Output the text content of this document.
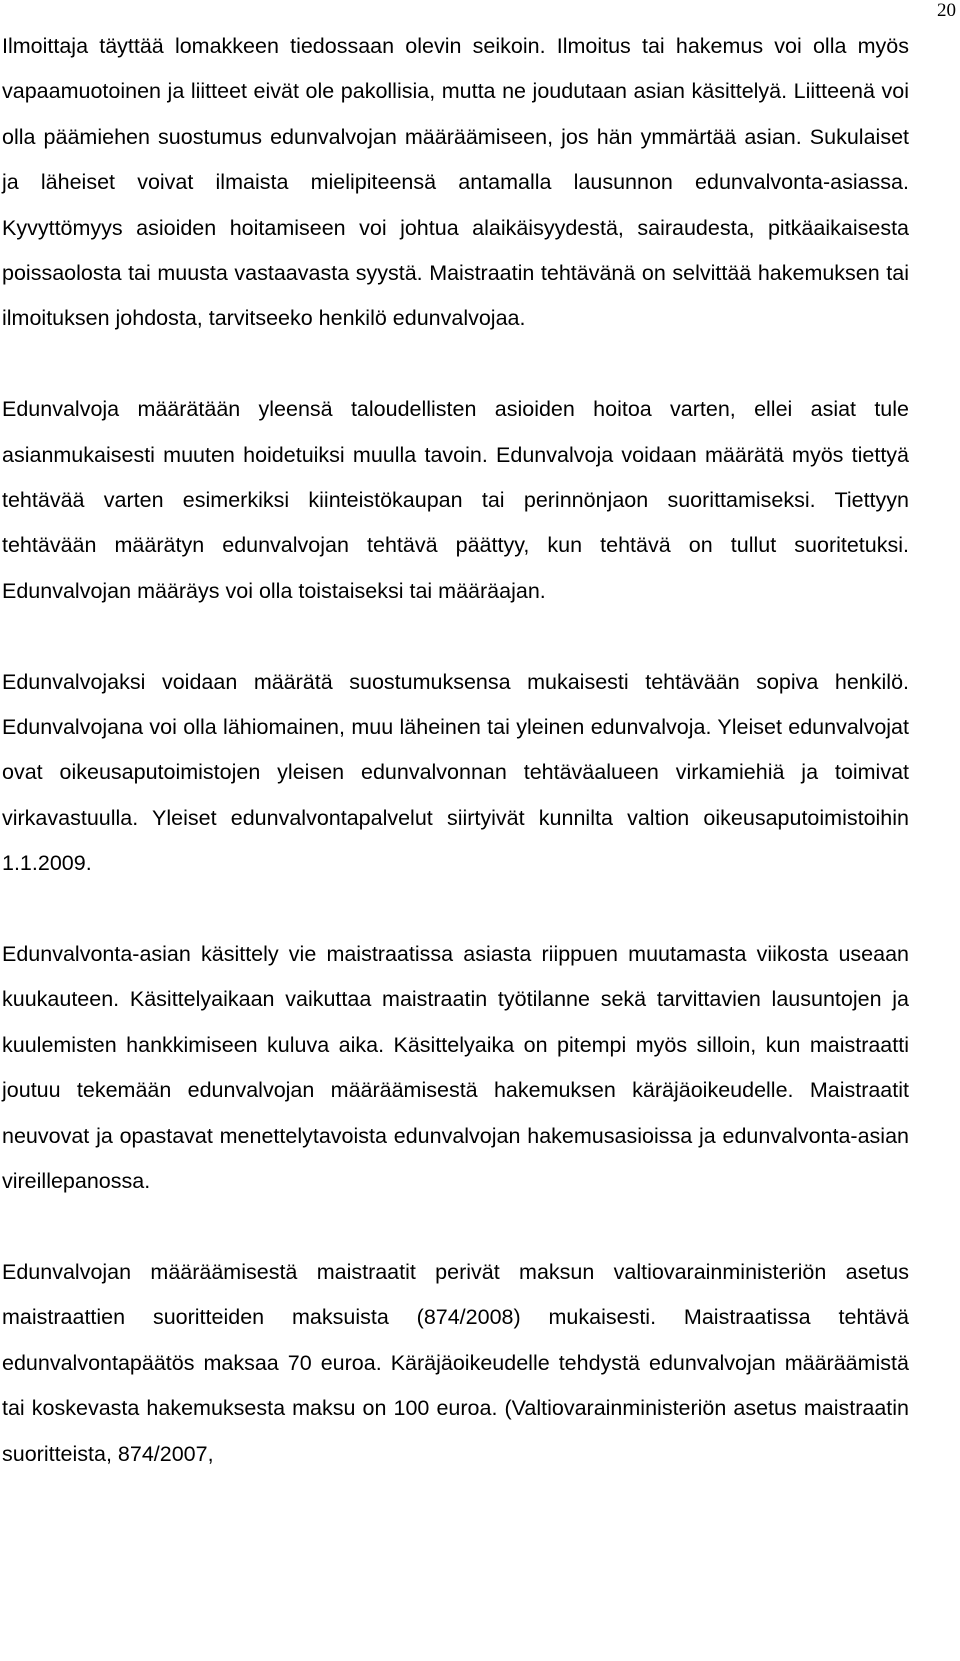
20

Ilmoittaja täyttää lomakkeen tiedossaan olevin seikoin. Ilmoitus tai hakemus voi olla myös vapaamuotoinen ja liitteet eivät ole pakollisia, mutta ne joudutaan asian käsittelyä. Liitteenä voi olla päämiehen suostumus edunvalvojan määräämiseen, jos hän ymmärtää asian. Sukulaiset ja läheiset voivat ilmaista mielipiteensä antamalla lausunnon edunvalvonta-asiassa. Kyvyttömyys asioiden hoitamiseen voi johtua alaikäisyydestä, sairaudesta, pitkäaikaisesta poissaolosta tai muusta vastaavasta syystä. Maistraatin tehtävänä on selvittää hakemuksen tai ilmoituksen johdosta, tarvitseeko henkilö edunvalvojaa.

Edunvalvoja määrätään yleensä taloudellisten asioiden hoitoa varten, ellei asiat tule asianmukaisesti muuten hoidetuiksi muulla tavoin. Edunvalvoja voidaan määrätä myös tiettyä tehtävää varten esimerkiksi kiinteistökaupan tai perinnönjaon suorittamiseksi. Tiettyyn tehtävään määrätyn edunvalvojan tehtävä päättyy, kun tehtävä on tullut suoritetuksi. Edunvalvojan määräys voi olla toistaiseksi tai määräajan.

Edunvalvojaksi voidaan määrätä suostumuksensa mukaisesti tehtävään sopiva henkilö. Edunvalvojana voi olla lähiomainen, muu läheinen tai yleinen edunvalvoja. Yleiset edunvalvojat ovat oikeusaputoimistojen yleisen edunvalvonnan tehtäväalueen virkamiehiä ja toimivat virkavastuulla. Yleiset edunvalvontapalvelut siirtyivät kunnilta valtion oikeusaputoimistoihin 1.1.2009.

Edunvalvonta-asian käsittely vie maistraatissa asiasta riippuen muutamasta viikosta useaan kuukauteen. Käsittelyaikaan vaikuttaa maistraatin työtilanne sekä tarvittavien lausuntojen ja kuulemisten hankkimiseen kuluva aika. Käsittelyaika on pitempi myös silloin, kun maistraatti joutuu tekemään edunvalvojan määräämisestä hakemuksen käräjäoikeudelle. Maistraatit neuvovat ja opastavat menettelytavoista edunvalvojan hakemusasioissa ja edunvalvonta-asian vireillepanossa.

Edunvalvojan määräämisestä maistraatit perivät maksun valtiovarainministeriön asetus maistraattien suoritteiden maksuista (874/2008) mukaisesti. Maistraatissa tehtävä edunvalvontapäätös maksaa 70 euroa. Käräjäoikeudelle tehdystä edunvalvojan määräämistä tai koskevasta hakemuksesta maksu on 100 euroa. (Valtiovarainministeriön asetus maistraatin suoritteista, 874/2007,
